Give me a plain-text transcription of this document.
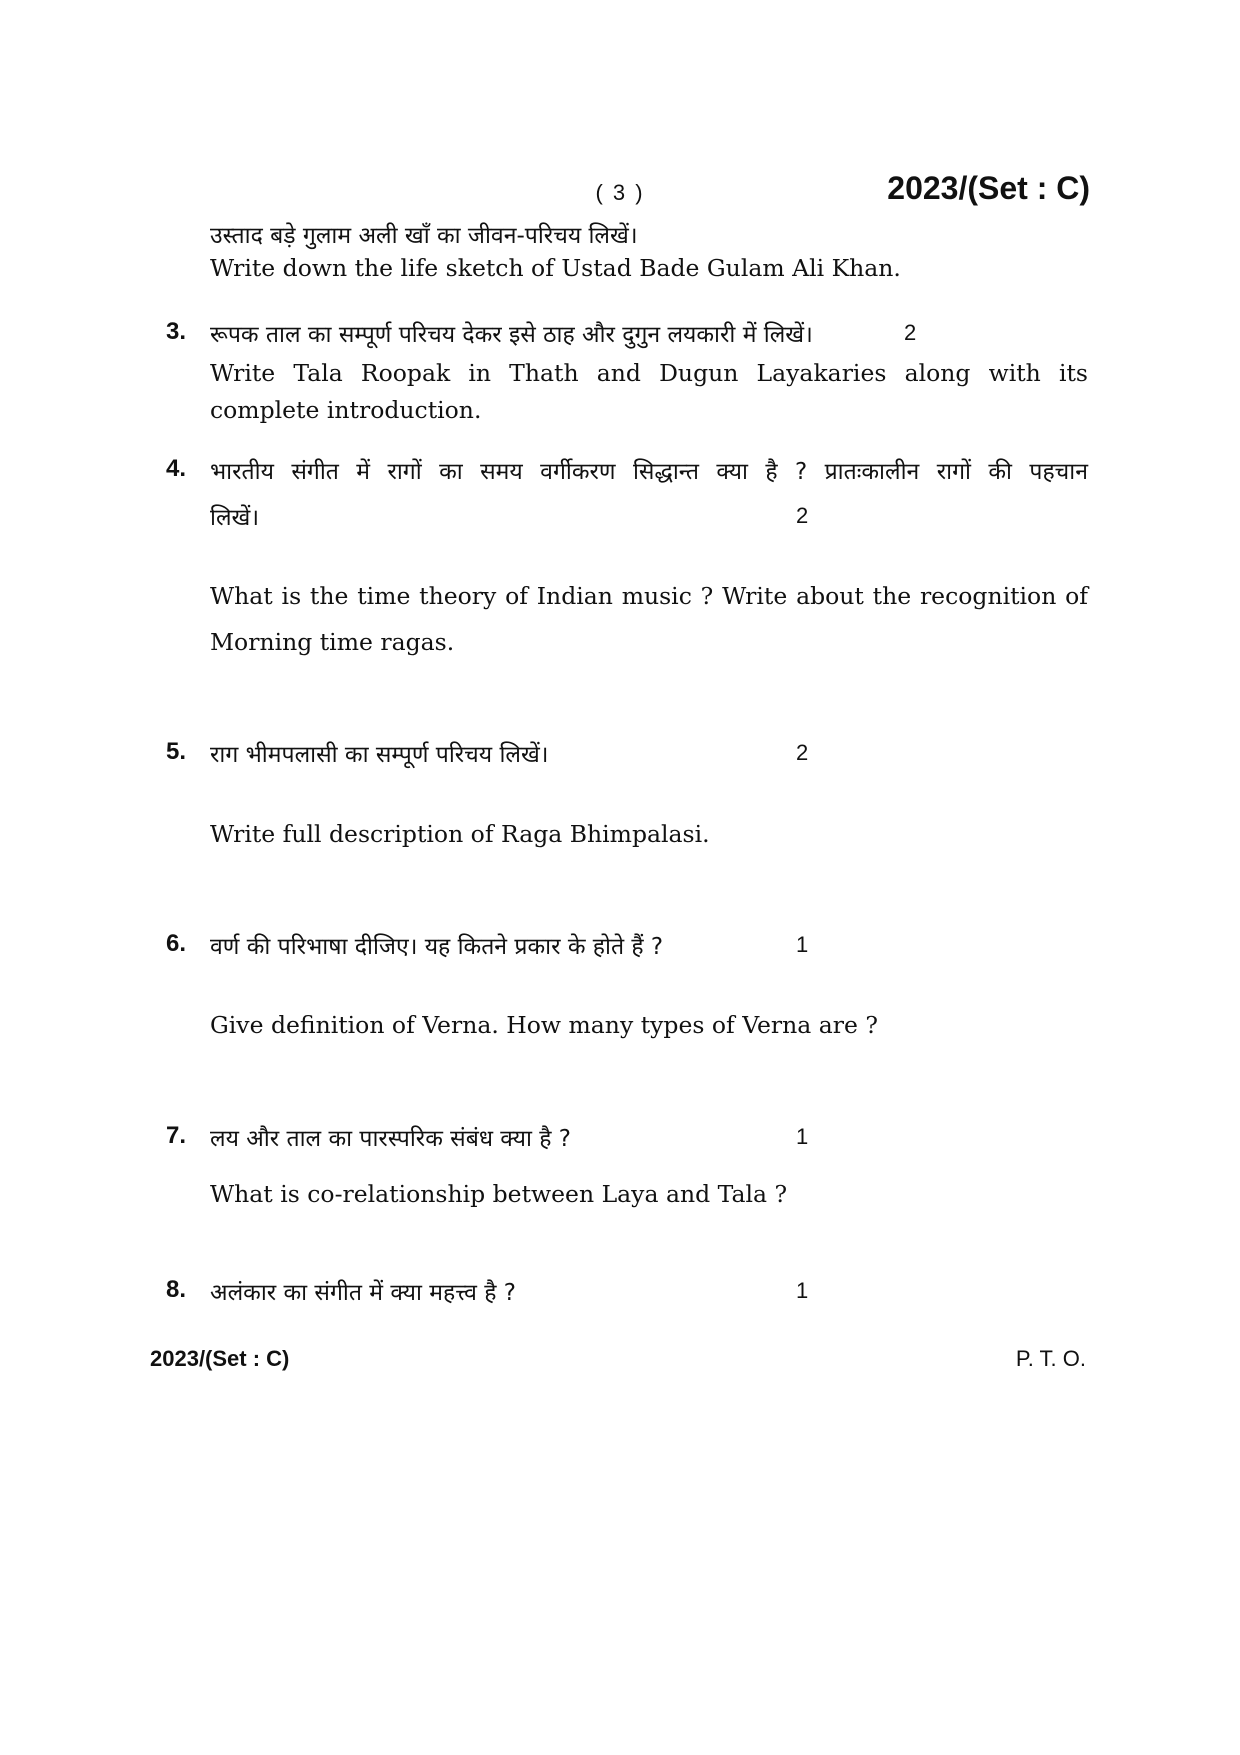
( 3 )	2023/(Set : C)
उस्ताद बड़े गुलाम अली खाँ का जीवन-परिचय लिखें।
Write down the life sketch of Ustad Bade Gulam Ali Khan.
3. रूपक ताल का सम्पूर्ण परिचय देकर इसे ठाह और दुगुन लयकारी में लिखें।	2
Write Tala Roopak in Thath and Dugun Layakaries along with its
complete introduction.
4. भारतीय संगीत में रागों का समय वर्गीकरण सिद्धान्त क्या है ? प्रातःकालीन रागों की पहचान
लिखें।	2
What is the time theory of Indian music ? Write about the recognition of
Morning time ragas.
5. राग भीमपलासी का सम्पूर्ण परिचय लिखें।	2
Write full description of Raga Bhimpalasi.
6. वर्ण की परिभाषा दीजिए। यह कितने प्रकार के होते हैं ?	1
Give definition of Verna. How many types of Verna are ?
7. लय और ताल का पारस्परिक संबंध क्या है ?	1
What is co-relationship between Laya and Tala ?
8. अलंकार का संगीत में क्या महत्त्व है ?	1
2023/(Set : C)	P. T. O.
